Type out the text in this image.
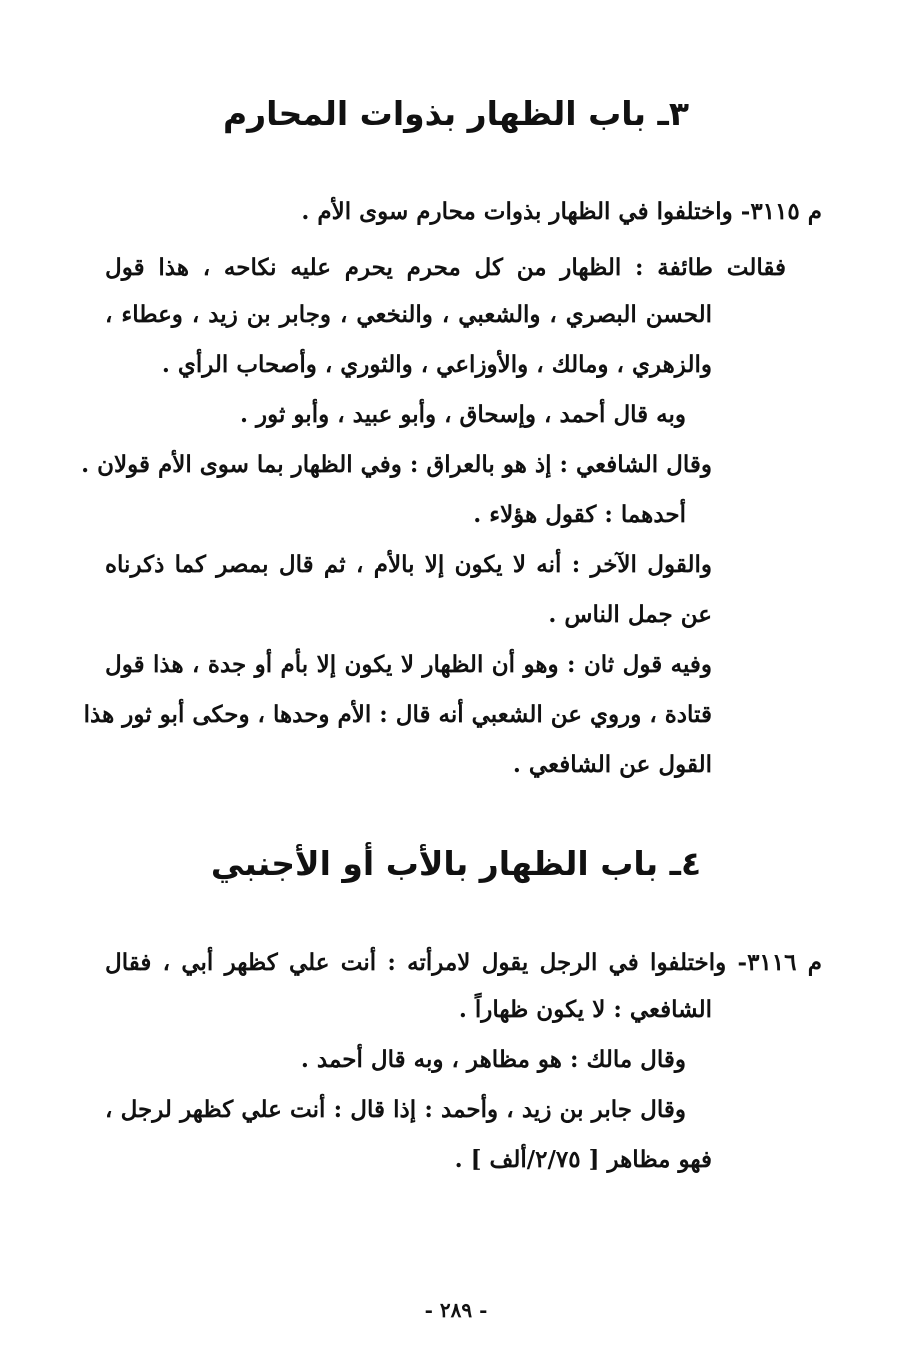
٣ـ باب الظهار بذوات المحارم
م ٣١١٥- واختلفوا في الظهار بذوات محارم سوى الأم .
فقالت طائفة : الظهار من كل محرم يحرم عليه نكاحه ، هذا قول
الحسن البصري ، والشعبي ، والنخعي ، وجابر بن زيد ، وعطاء ،
والزهري ، ومالك ، والأوزاعي ، والثوري ، وأصحاب الرأي .
وبه قال أحمد ، وإسحاق ، وأبو عبيد ، وأبو ثور .
وقال الشافعي : إذ هو بالعراق : وفي الظهار بما سوى الأم قولان .
أحدهما : كقول هؤلاء .
والقول الآخر : أنه لا يكون إلا بالأم ، ثم قال بمصر كما ذكرناه
عن جمل الناس .
وفيه قول ثان : وهو أن الظهار لا يكون إلا بأم أو جدة ، هذا قول
قتادة ، وروي عن الشعبي أنه قال : الأم وحدها ، وحكى أبو ثور هذا
القول عن الشافعي .
٤ـ باب الظهار بالأب أو الأجنبي
م ٣١١٦- واختلفوا في الرجل يقول لامرأته : أنت علي كظهر أبي ، فقال
الشافعي : لا يكون ظهاراً .
وقال مالك : هو مظاهر ، وبه قال أحمد .
وقال جابر بن زيد ، وأحمد : إذا قال : أنت علي كظهر لرجل ،
فهو مظاهر [ ٢/٧٥/ألف ] .
- ٢٨٩ -
